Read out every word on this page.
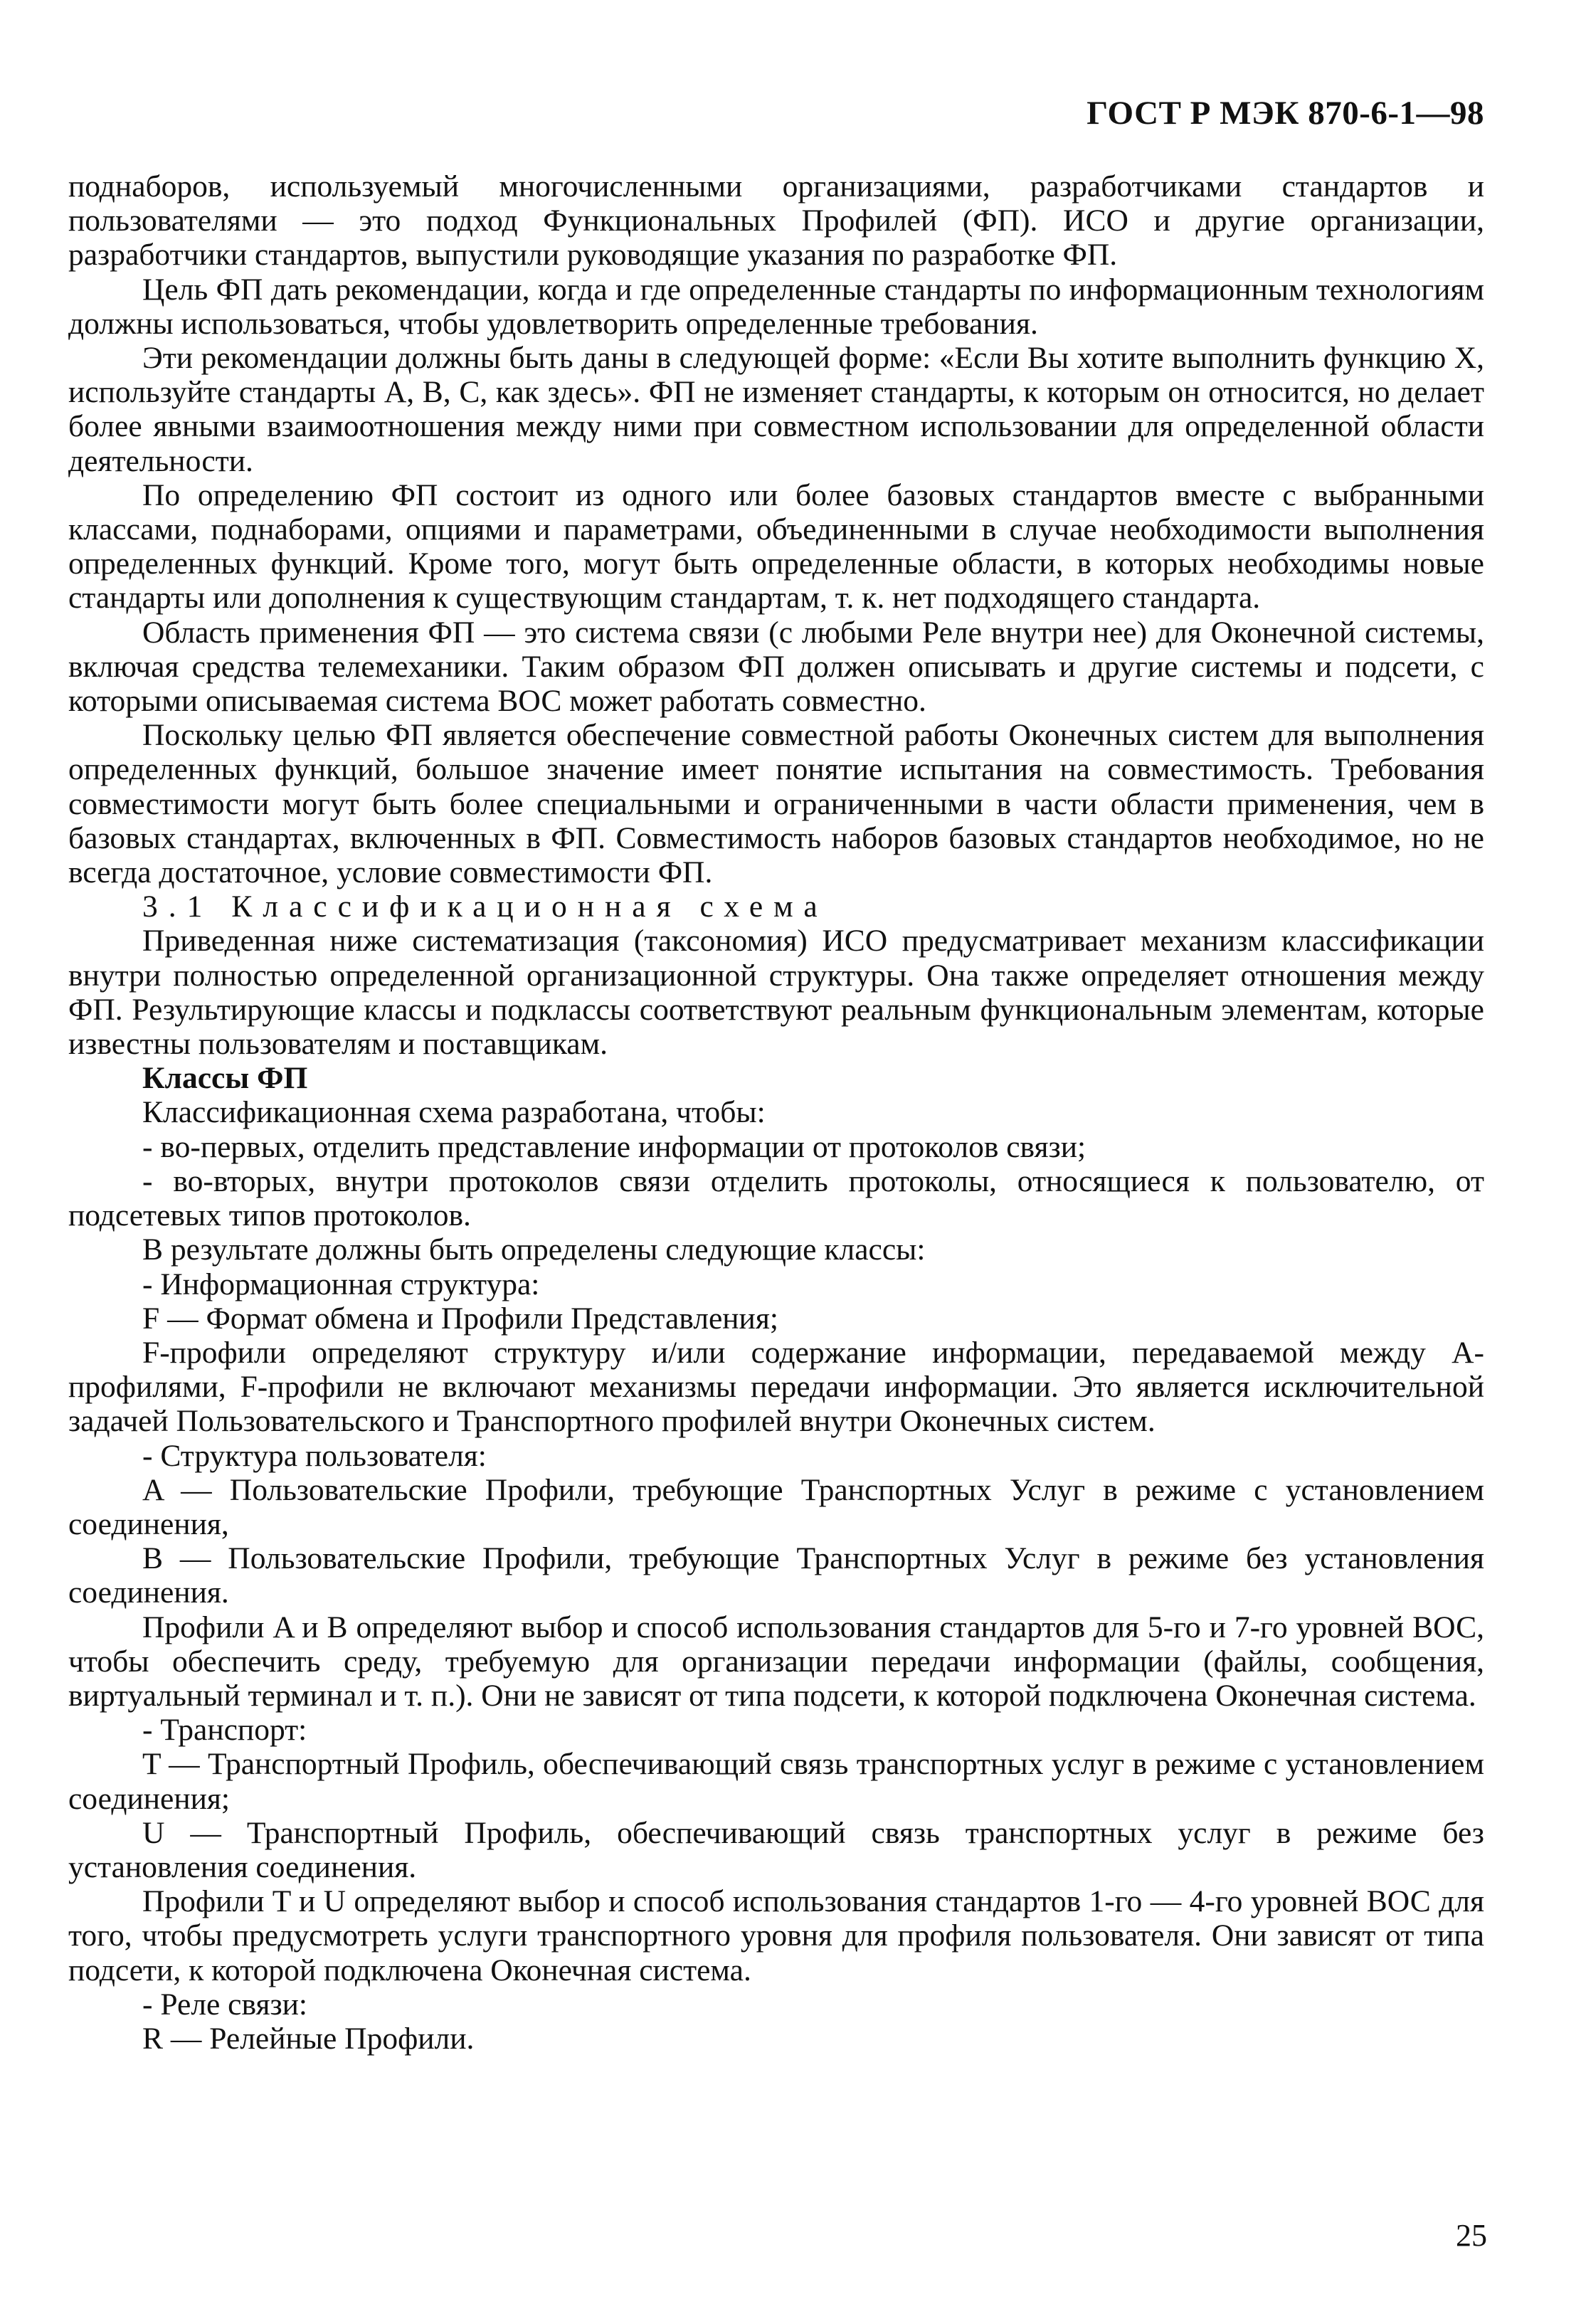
ГОСТ Р МЭК 870-6-1—98

поднаборов, используемый многочисленными организациями, разработчиками стандартов и пользователями — это подход Функциональных Профилей (ФП). ИСО и другие организации, разработчики стандартов, выпустили руководящие указания по разработке ФП.

Цель ФП дать рекомендации, когда и где определенные стандарты по информационным технологиям должны использоваться, чтобы удовлетворить определенные требования.

Эти рекомендации должны быть даны в следующей форме: «Если Вы хотите выполнить функцию X, используйте стандарты A, B, C, как здесь». ФП не изменяет стандарты, к которым он относится, но делает более явными взаимоотношения между ними при совместном использовании для определенной области деятельности.

По определению ФП состоит из одного или более базовых стандартов вместе с выбранными классами, поднаборами, опциями и параметрами, объединенными в случае необходимости выполнения определенных функций. Кроме того, могут быть определенные области, в которых необходимы новые стандарты или дополнения к существующим стандартам, т. к. нет подходящего стандарта.

Область применения ФП — это система связи (с любыми Реле внутри нее) для Оконечной системы, включая средства телемеханики. Таким образом ФП должен описывать и другие системы и подсети, с которыми описываемая система ВОС может работать совместно.

Поскольку целью ФП является обеспечение совместной работы Оконечных систем для выполнения определенных функций, большое значение имеет понятие испытания на совместимость. Требования совместимости могут быть более специальными и ограниченными в части области применения, чем в базовых стандартах, включенных в ФП. Совместимость наборов базовых стандартов необходимое, но не всегда достаточное, условие совместимости ФП.

3.1 Классификационная схема

Приведенная ниже систематизация (таксономия) ИСО предусматривает механизм классификации внутри полностью определенной организационной структуры. Она также определяет отношения между ФП. Результирующие классы и подклассы соответствуют реальным функциональным элементам, которые известны пользователям и поставщикам.

Классы ФП

Классификационная схема разработана, чтобы:

- во-первых, отделить представление информации от протоколов связи;

- во-вторых, внутри протоколов связи отделить протоколы, относящиеся к пользователю, от подсетевых типов протоколов.

В результате должны быть определены следующие классы:

- Информационная структура:

F — Формат обмена и Профили Представления;

F-профили определяют структуру и/или содержание информации, передаваемой между A-профилями, F-профили не включают механизмы передачи информации. Это является исключительной задачей Пользовательского и Транспортного профилей внутри Оконечных систем.

- Структура пользователя:

A — Пользовательские Профили, требующие Транспортных Услуг в режиме с установлением соединения,

B — Пользовательские Профили, требующие Транспортных Услуг в режиме без установления соединения.

Профили A и B определяют выбор и способ использования стандартов для 5-го и 7-го уровней ВОС, чтобы обеспечить среду, требуемую для организации передачи информации (файлы, сообщения, виртуальный терминал и т. п.). Они не зависят от типа подсети, к которой подключена Оконечная система.

- Транспорт:

T — Транспортный Профиль, обеспечивающий связь транспортных услуг в режиме с установлением соединения;

U — Транспортный Профиль, обеспечивающий связь транспортных услуг в режиме без установления соединения.

Профили T и U определяют выбор и способ использования стандартов 1-го — 4-го уровней ВОС для того, чтобы предусмотреть услуги транспортного уровня для профиля пользователя. Они зависят от типа подсети, к которой подключена Оконечная система.

- Реле связи:

R — Релейные Профили.

25
